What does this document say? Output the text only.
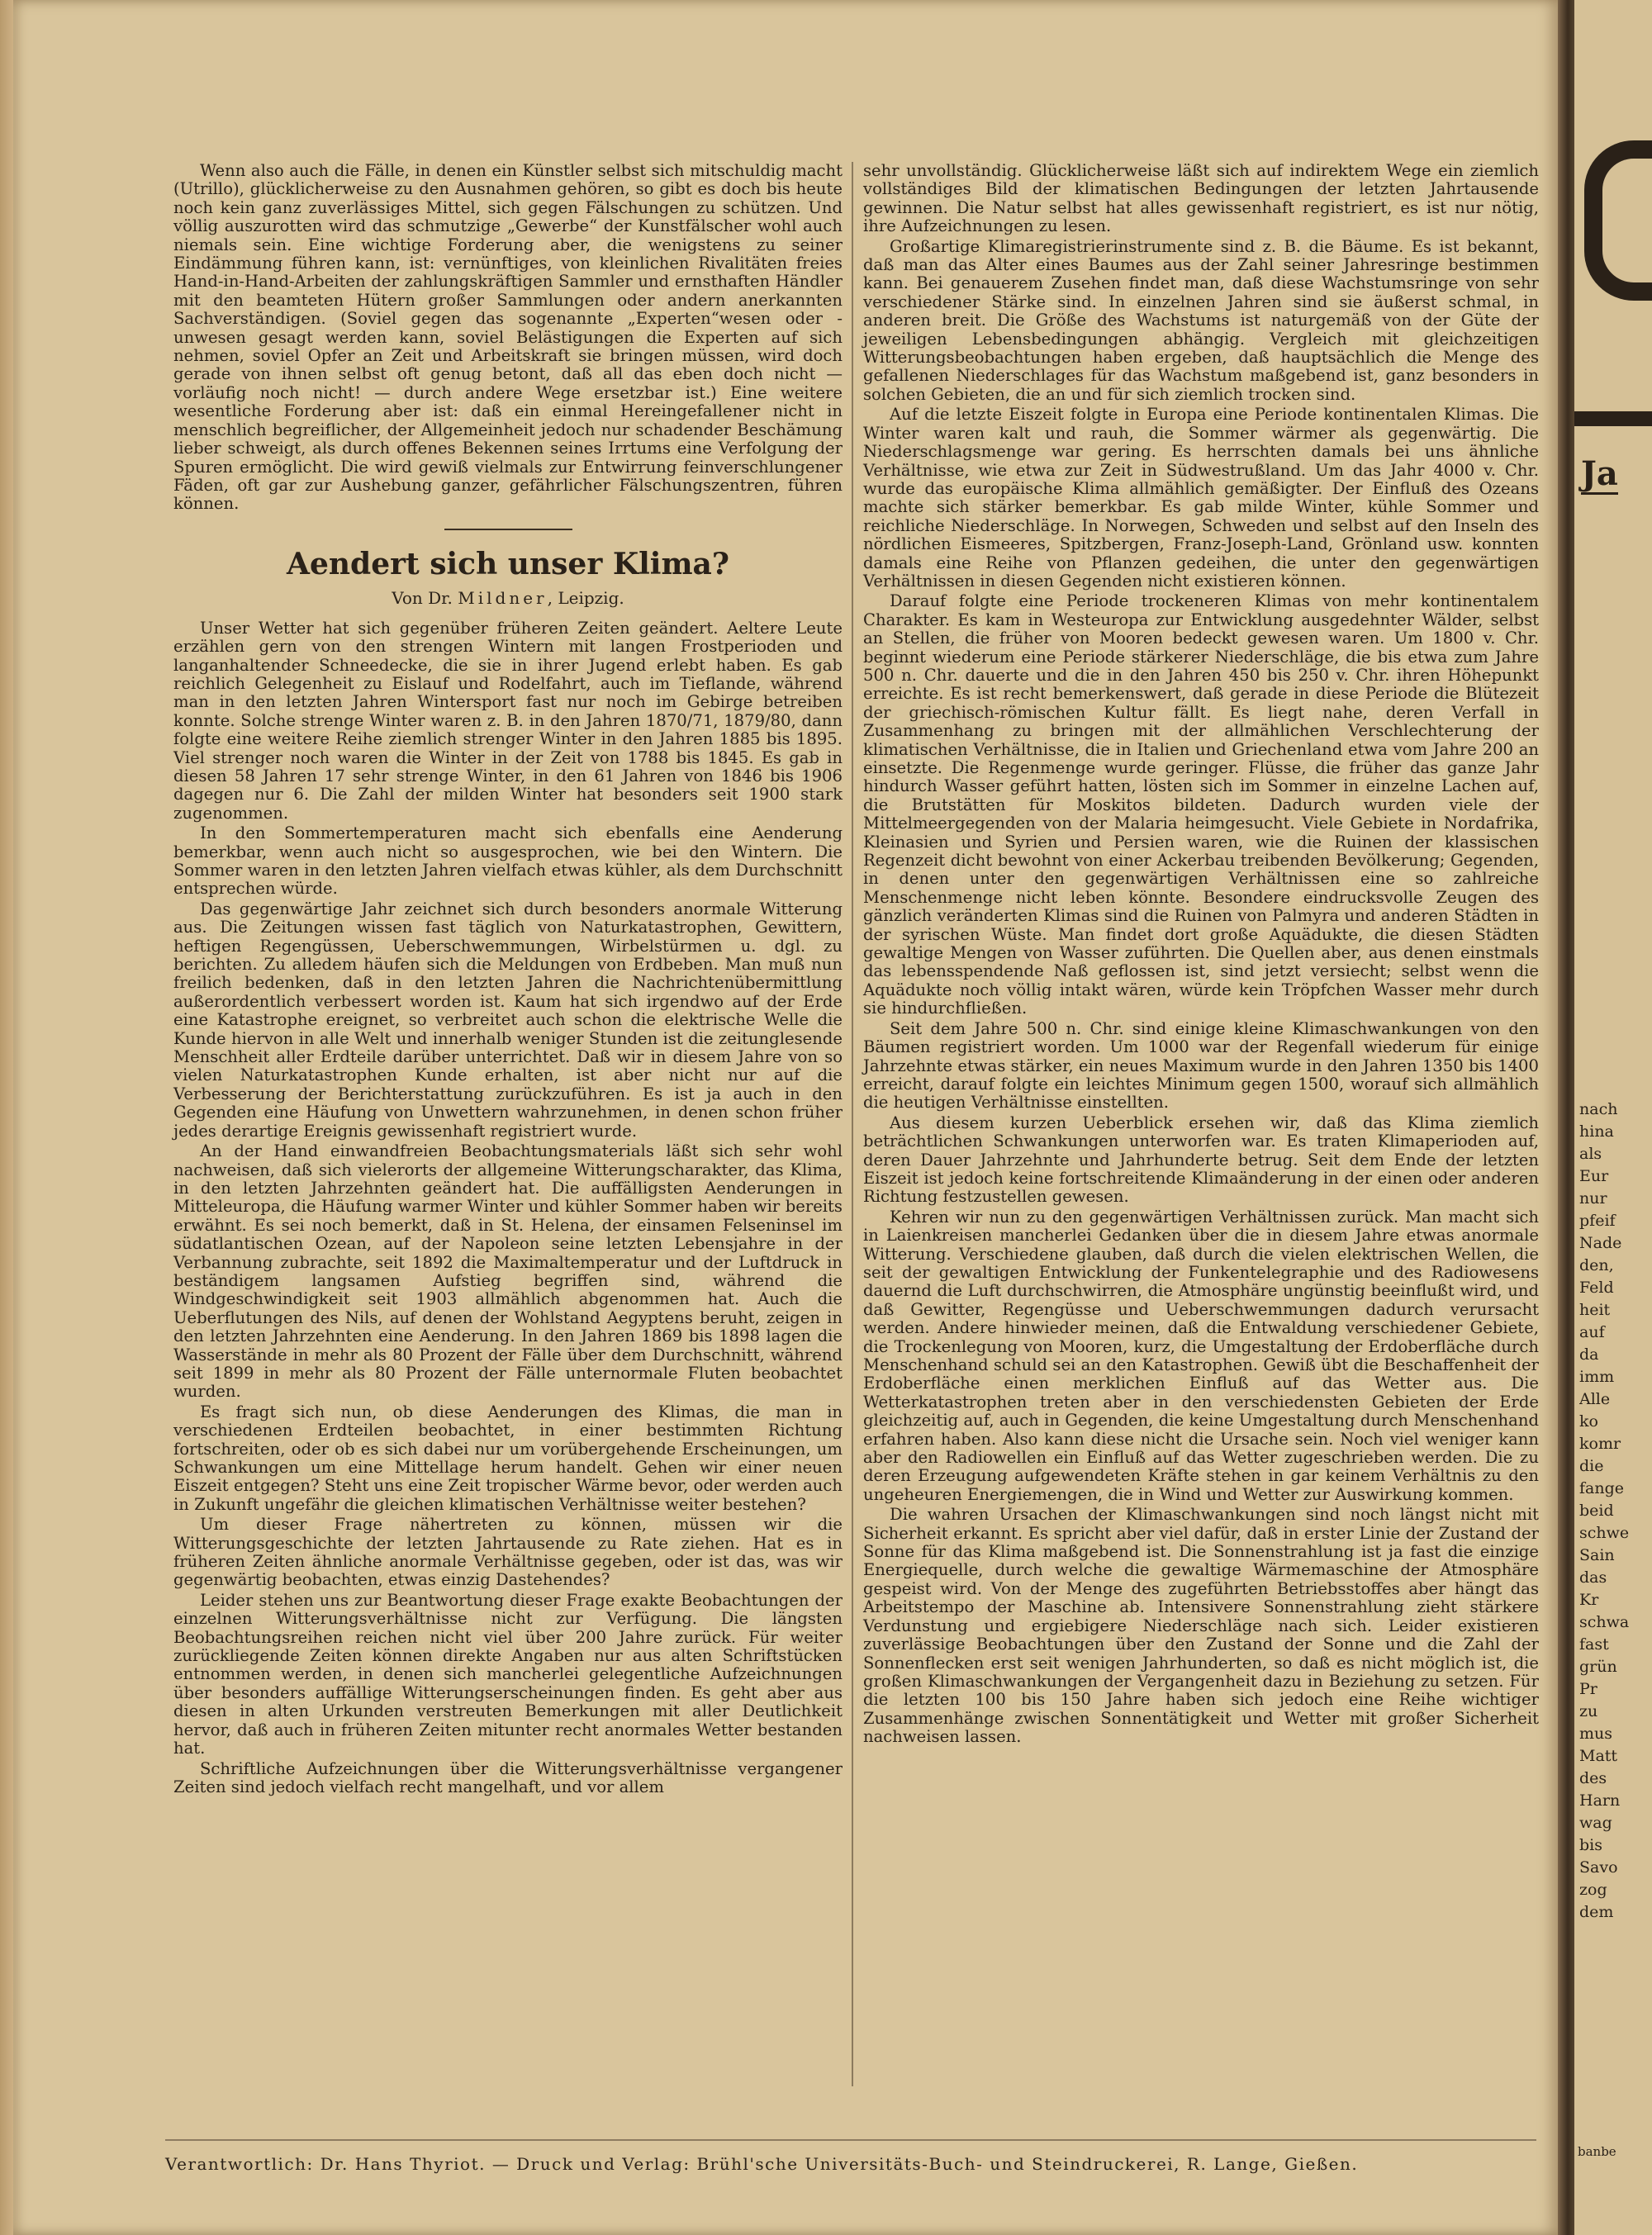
Wenn also auch die Fälle, in denen ein Künstler selbst sich mitschuldig macht (Utrillo), glücklicherweise zu den Ausnahmen gehören, so gibt es doch bis heute noch kein ganz zuverlässiges Mittel, sich gegen Fälschungen zu schützen. Und völlig auszurotten wird das schmutzige „Gewerbe“ der Kunstfälscher wohl auch niemals sein. Eine wichtige Forderung aber, die wenigstens zu seiner Eindämmung führen kann, ist: vernünftiges, von kleinlichen Rivalitäten freies Hand-in-Hand-Arbeiten der zahlungskräftigen Sammler und ernsthaften Händler mit den beamteten Hütern großer Sammlungen oder andern anerkannten Sachverständigen. (Soviel gegen das sogenannte „Experten“wesen oder -unwesen gesagt werden kann, soviel Belästigungen die Experten auf sich nehmen, soviel Opfer an Zeit und Arbeitskraft sie bringen müssen, wird doch gerade von ihnen selbst oft genug betont, daß all das eben doch nicht — vorläufig noch nicht! — durch andere Wege ersetzbar ist.) Eine weitere wesentliche Forderung aber ist: daß ein einmal Hereingefallener nicht in menschlich begreiflicher, der Allgemeinheit jedoch nur schadender Beschämung lieber schweigt, als durch offenes Bekennen seines Irrtums eine Verfolgung der Spuren ermöglicht. Die wird gewiß vielmals zur Entwirrung feinverschlungener Fäden, oft gar zur Aushebung ganzer, gefährlicher Fälschungszentren, führen können.

Aendert sich unser Klima?
Von Dr. Mildner, Leipzig.

Unser Wetter hat sich gegenüber früheren Zeiten geändert. Aeltere Leute erzählen gern von den strengen Wintern mit langen Frostperioden und langanhaltender Schneedecke, die sie in ihrer Jugend erlebt haben. Es gab reichlich Gelegenheit zu Eislauf und Rodelfahrt, auch im Tieflande, während man in den letzten Jahren Wintersport fast nur noch im Gebirge betreiben konnte. Solche strenge Winter waren z. B. in den Jahren 1870/71, 1879/80, dann folgte eine weitere Reihe ziemlich strenger Winter in den Jahren 1885 bis 1895. Viel strenger noch waren die Winter in der Zeit von 1788 bis 1845. Es gab in diesen 58 Jahren 17 sehr strenge Winter, in den 61 Jahren von 1846 bis 1906 dagegen nur 6. Die Zahl der milden Winter hat besonders seit 1900 stark zugenommen.

In den Sommertemperaturen macht sich ebenfalls eine Aenderung bemerkbar, wenn auch nicht so ausgesprochen, wie bei den Wintern. Die Sommer waren in den letzten Jahren vielfach etwas kühler, als dem Durchschnitt entsprechen würde.

Das gegenwärtige Jahr zeichnet sich durch besonders anormale Witterung aus. Die Zeitungen wissen fast täglich von Naturkatastrophen, Gewittern, heftigen Regengüssen, Ueberschwemmungen, Wirbelstürmen u. dgl. zu berichten. Zu alledem häufen sich die Meldungen von Erdbeben. Man muß nun freilich bedenken, daß in den letzten Jahren die Nachrichtenübermittlung außerordentlich verbessert worden ist. Kaum hat sich irgendwo auf der Erde eine Katastrophe ereignet, so verbreitet auch schon die elektrische Welle die Kunde hiervon in alle Welt und innerhalb weniger Stunden ist die zeitunglesende Menschheit aller Erdteile darüber unterrichtet. Daß wir in diesem Jahre von so vielen Naturkatastrophen Kunde erhalten, ist aber nicht nur auf die Verbesserung der Berichterstattung zurückzuführen. Es ist ja auch in den Gegenden eine Häufung von Unwettern wahrzunehmen, in denen schon früher jedes derartige Ereignis gewissenhaft registriert wurde.

An der Hand einwandfreien Beobachtungsmaterials läßt sich sehr wohl nachweisen, daß sich vielerorts der allgemeine Witterungscharakter, das Klima, in den letzten Jahrzehnten geändert hat. Die auffälligsten Aenderungen in Mitteleuropa, die Häufung warmer Winter und kühler Sommer haben wir bereits erwähnt. Es sei noch bemerkt, daß in St. Helena, der einsamen Felseninsel im südatlantischen Ozean, auf der Napoleon seine letzten Lebensjahre in der Verbannung zubrachte, seit 1892 die Maximaltemperatur und der Luftdruck in beständigem langsamen Aufstieg begriffen sind, während die Windgeschwindigkeit seit 1903 allmählich abgenommen hat. Auch die Ueberflutungen des Nils, auf denen der Wohlstand Aegyptens beruht, zeigen in den letzten Jahrzehnten eine Aenderung. In den Jahren 1869 bis 1898 lagen die Wasserstände in mehr als 80 Prozent der Fälle über dem Durchschnitt, während seit 1899 in mehr als 80 Prozent der Fälle unternormale Fluten beobachtet wurden.

Es fragt sich nun, ob diese Aenderungen des Klimas, die man in verschiedenen Erdteilen beobachtet, in einer bestimmten Richtung fortschreiten, oder ob es sich dabei nur um vorübergehende Erscheinungen, um Schwankungen um eine Mittellage herum handelt. Gehen wir einer neuen Eiszeit entgegen? Steht uns eine Zeit tropischer Wärme bevor, oder werden auch in Zukunft ungefähr die gleichen klimatischen Verhältnisse weiter bestehen?

Um dieser Frage nähertreten zu können, müssen wir die Witterungsgeschichte der letzten Jahrtausende zu Rate ziehen. Hat es in früheren Zeiten ähnliche anormale Verhältnisse gegeben, oder ist das, was wir gegenwärtig beobachten, etwas einzig Dastehendes?

Leider stehen uns zur Beantwortung dieser Frage exakte Beobachtungen der einzelnen Witterungsverhältnisse nicht zur Verfügung. Die längsten Beobachtungsreihen reichen nicht viel über 200 Jahre zurück. Für weiter zurückliegende Zeiten können direkte Angaben nur aus alten Schriftstücken entnommen werden, in denen sich mancherlei gelegentliche Aufzeichnungen über besonders auffällige Witterungserscheinungen finden. Es geht aber aus diesen in alten Urkunden verstreuten Bemerkungen mit aller Deutlichkeit hervor, daß auch in früheren Zeiten mitunter recht anormales Wetter bestanden hat.

Schriftliche Aufzeichnungen über die Witterungsverhältnisse vergangener Zeiten sind jedoch vielfach recht mangelhaft, und vor allem

sehr unvollständig. Glücklicherweise läßt sich auf indirektem Wege ein ziemlich vollständiges Bild der klimatischen Bedingungen der letzten Jahrtausende gewinnen. Die Natur selbst hat alles gewissenhaft registriert, es ist nur nötig, ihre Aufzeichnungen zu lesen.

Großartige Klimaregistrierinstrumente sind z. B. die Bäume. Es ist bekannt, daß man das Alter eines Baumes aus der Zahl seiner Jahresringe bestimmen kann. Bei genauerem Zusehen findet man, daß diese Wachstumsringe von sehr verschiedener Stärke sind. In einzelnen Jahren sind sie äußerst schmal, in anderen breit. Die Größe des Wachstums ist naturgemäß von der Güte der jeweiligen Lebensbedingungen abhängig. Vergleich mit gleichzeitigen Witterungsbeobachtungen haben ergeben, daß hauptsächlich die Menge des gefallenen Niederschlages für das Wachstum maßgebend ist, ganz besonders in solchen Gebieten, die an und für sich ziemlich trocken sind.

Auf die letzte Eiszeit folgte in Europa eine Periode kontinentalen Klimas. Die Winter waren kalt und rauh, die Sommer wärmer als gegenwärtig. Die Niederschlagsmenge war gering. Es herrschten damals bei uns ähnliche Verhältnisse, wie etwa zur Zeit in Südwestrußland. Um das Jahr 4000 v. Chr. wurde das europäische Klima allmählich gemäßigter. Der Einfluß des Ozeans machte sich stärker bemerkbar. Es gab milde Winter, kühle Sommer und reichliche Niederschläge. In Norwegen, Schweden und selbst auf den Inseln des nördlichen Eismeeres, Spitzbergen, Franz-Joseph-Land, Grönland usw. konnten damals eine Reihe von Pflanzen gedeihen, die unter den gegenwärtigen Verhältnissen in diesen Gegenden nicht existieren können.

Darauf folgte eine Periode trockeneren Klimas von mehr kontinentalem Charakter. Es kam in Westeuropa zur Entwicklung ausgedehnter Wälder, selbst an Stellen, die früher von Mooren bedeckt gewesen waren. Um 1800 v. Chr. beginnt wiederum eine Periode stärkerer Niederschläge, die bis etwa zum Jahre 500 n. Chr. dauerte und die in den Jahren 450 bis 250 v. Chr. ihren Höhepunkt erreichte. Es ist recht bemerkenswert, daß gerade in diese Periode die Blütezeit der griechisch-römischen Kultur fällt. Es liegt nahe, deren Verfall in Zusammenhang zu bringen mit der allmählichen Verschlechterung der klimatischen Verhältnisse, die in Italien und Griechenland etwa vom Jahre 200 an einsetzte. Die Regenmenge wurde geringer. Flüsse, die früher das ganze Jahr hindurch Wasser geführt hatten, lösten sich im Sommer in einzelne Lachen auf, die Brutstätten für Moskitos bildeten. Dadurch wurden viele der Mittelmeergegenden von der Malaria heimgesucht. Viele Gebiete in Nordafrika, Kleinasien und Syrien und Persien waren, wie die Ruinen der klassischen Regenzeit dicht bewohnt von einer Ackerbau treibenden Bevölkerung; Gegenden, in denen unter den gegenwärtigen Verhältnissen eine so zahlreiche Menschenmenge nicht leben könnte. Besondere eindrucksvolle Zeugen des gänzlich veränderten Klimas sind die Ruinen von Palmyra und anderen Städten in der syrischen Wüste. Man findet dort große Aquädukte, die diesen Städten gewaltige Mengen von Wasser zuführten. Die Quellen aber, aus denen einstmals das lebensspendende Naß geflossen ist, sind jetzt versiecht; selbst wenn die Aquädukte noch völlig intakt wären, würde kein Tröpfchen Wasser mehr durch sie hindurchfließen.

Seit dem Jahre 500 n. Chr. sind einige kleine Klimaschwankungen von den Bäumen registriert worden. Um 1000 war der Regenfall wiederum für einige Jahrzehnte etwas stärker, ein neues Maximum wurde in den Jahren 1350 bis 1400 erreicht, darauf folgte ein leichtes Minimum gegen 1500, worauf sich allmählich die heutigen Verhältnisse einstellten.

Aus diesem kurzen Ueberblick ersehen wir, daß das Klima ziemlich beträchtlichen Schwankungen unterworfen war. Es traten Klimaperioden auf, deren Dauer Jahrzehnte und Jahrhunderte betrug. Seit dem Ende der letzten Eiszeit ist jedoch keine fortschreitende Klimaänderung in der einen oder anderen Richtung festzustellen gewesen.

Kehren wir nun zu den gegenwärtigen Verhältnissen zurück. Man macht sich in Laienkreisen mancherlei Gedanken über die in diesem Jahre etwas anormale Witterung. Verschiedene glauben, daß durch die vielen elektrischen Wellen, die seit der gewaltigen Entwicklung der Funkentelegraphie und des Radiowesens dauernd die Luft durchschwirren, die Atmosphäre ungünstig beeinflußt wird, und daß Gewitter, Regengüsse und Ueberschwemmungen dadurch verursacht werden. Andere hinwieder meinen, daß die Entwaldung verschiedener Gebiete, die Trockenlegung von Mooren, kurz, die Umgestaltung der Erdoberfläche durch Menschenhand schuld sei an den Katastrophen. Gewiß übt die Beschaffenheit der Erdoberfläche einen merklichen Einfluß auf das Wetter aus. Die Wetterkatastrophen treten aber in den verschiedensten Gebieten der Erde gleichzeitig auf, auch in Gegenden, die keine Umgestaltung durch Menschenhand erfahren haben. Also kann diese nicht die Ursache sein. Noch viel weniger kann aber den Radiowellen ein Einfluß auf das Wetter zugeschrieben werden. Die zu deren Erzeugung aufgewendeten Kräfte stehen in gar keinem Verhältnis zu den ungeheuren Energiemengen, die in Wind und Wetter zur Auswirkung kommen.

Die wahren Ursachen der Klimaschwankungen sind noch längst nicht mit Sicherheit erkannt. Es spricht aber viel dafür, daß in erster Linie der Zustand der Sonne für das Klima maßgebend ist. Die Sonnenstrahlung ist ja fast die einzige Energiequelle, durch welche die gewaltige Wärmemaschine der Atmosphäre gespeist wird. Von der Menge des zugeführten Betriebsstoffes aber hängt das Arbeitstempo der Maschine ab. Intensivere Sonnenstrahlung zieht stärkere Verdunstung und ergiebigere Niederschläge nach sich. Leider existieren zuverlässige Beobachtungen über den Zustand der Sonne und die Zahl der Sonnenflecken erst seit wenigen Jahrhunderten, so daß es nicht möglich ist, die großen Klimaschwankungen der Vergangenheit dazu in Beziehung zu setzen. Für die letzten 100 bis 150 Jahre haben sich jedoch eine Reihe wichtiger Zusammenhänge zwischen Sonnentätigkeit und Wetter mit großer Sicherheit nachweisen lassen.

Verantwortlich: Dr. Hans Thyriot. — Druck und Verlag: Brühl'sche Universitäts-Buch- und Steindruckerei, R. Lange, Gießen.
Ja
nach
hina
als
Eur
nur
pfeif
Nade
den,
Feld
heit
auf
da
imm
Alle
ko
komr
die
fange
beid
schwe
Sain
das
Kr
schwa
fast
grün
Pr
zu
mus
Matt
des
Harn
wag
bis
Savo
zog
dem
banbe
